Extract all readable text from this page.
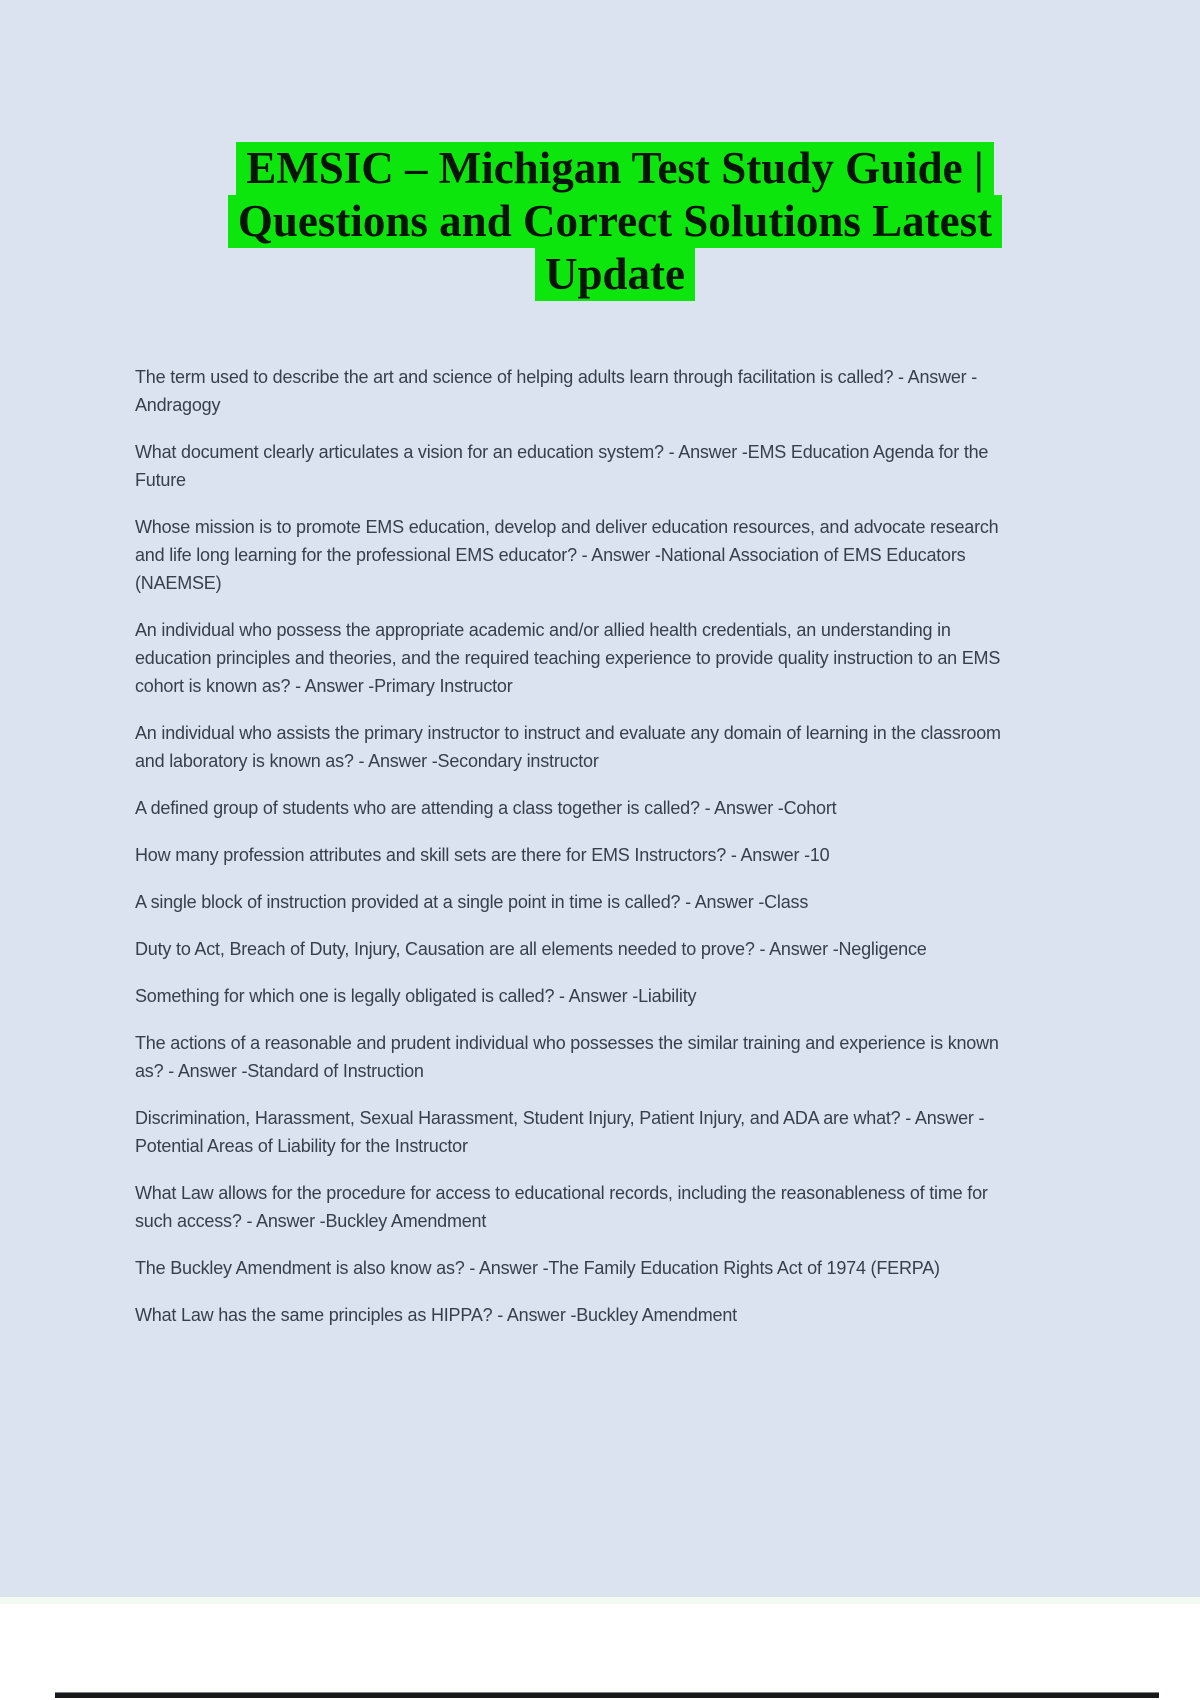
EMSIC – Michigan Test Study Guide |
Questions and Correct Solutions Latest
Update

The term used to describe the art and science of helping adults learn through facilitation is called? - Answer -Andragogy

What document clearly articulates a vision for an education system? - Answer -EMS Education Agenda for the Future

Whose mission is to promote EMS education, develop and deliver education resources, and advocate research and life long learning for the professional EMS educator? - Answer -National Association of EMS Educators (NAEMSE)

An individual who possess the appropriate academic and/or allied health credentials, an understanding in education principles and theories, and the required teaching experience to provide quality instruction to an EMS cohort is known as? - Answer -Primary Instructor

An individual who assists the primary instructor to instruct and evaluate any domain of learning in the classroom and laboratory is known as? - Answer -Secondary instructor

A defined group of students who are attending a class together is called? - Answer -Cohort

How many profession attributes and skill sets are there for EMS Instructors? - Answer -10

A single block of instruction provided at a single point in time is called? - Answer -Class

Duty to Act, Breach of Duty, Injury, Causation are all elements needed to prove? - Answer -Negligence

Something for which one is legally obligated is called? - Answer -Liability

The actions of a reasonable and prudent individual who possesses the similar training and experience is known as? - Answer -Standard of Instruction

Discrimination, Harassment, Sexual Harassment, Student Injury, Patient Injury, and ADA are what? - Answer -Potential Areas of Liability for the Instructor

What Law allows for the procedure for access to educational records, including the reasonableness of time for such access? - Answer -Buckley Amendment

The Buckley Amendment is also know as? - Answer -The Family Education Rights Act of 1974 (FERPA)

What Law has the same principles as HIPPA? - Answer -Buckley Amendment
